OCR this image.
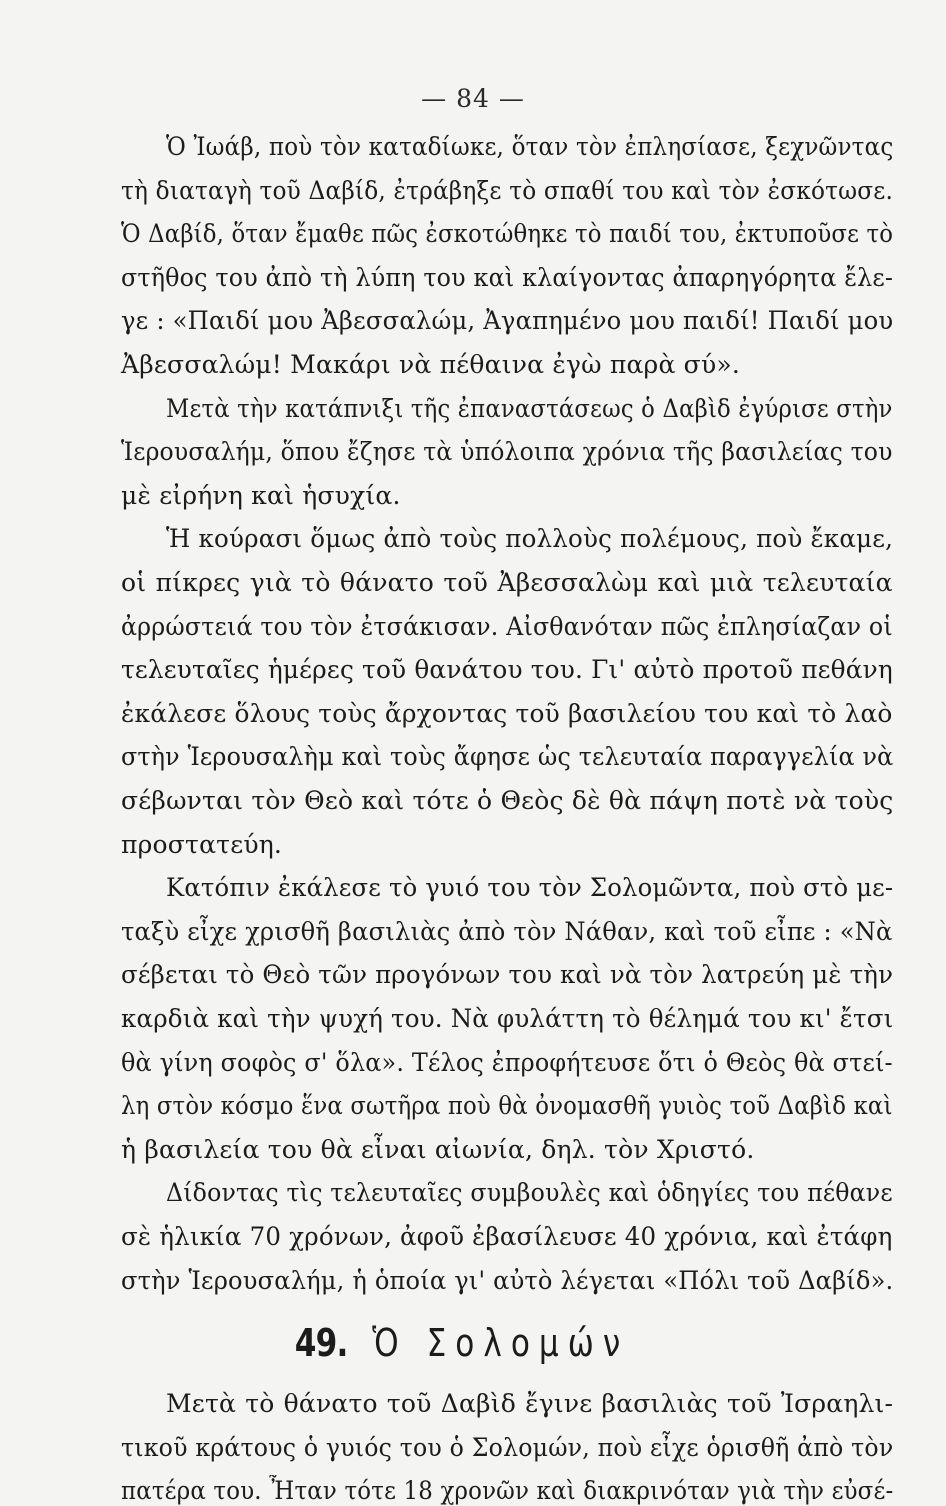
— 84 —
Ὁ Ἰωάβ, ποὺ τὸν καταδίωκε, ὅταν τὸν ἐπλησίασε, ξεχνῶντας
τὴ διαταγὴ τοῦ Δαβίδ, ἐτράβηξε τὸ σπαθί του καὶ τὸν ἐσκότωσε.
Ὁ Δαβίδ, ὅταν ἔμαθε πῶς ἐσκοτώθηκε τὸ παιδί του, ἐκτυποῦσε τὸ
στῆθος του ἀπὸ τὴ λύπη του καὶ κλαίγοντας ἀπαρηγόρητα ἔλε-
γε : «Παιδί μου Ἀβεσσαλώμ, Ἀγαπημένο μου παιδί! Παιδί μου
Ἀβεσσαλώμ! Μακάρι νὰ πέθαινα ἐγὼ παρὰ σύ».
Μετὰ τὴν κατάπνιξι τῆς ἐπαναστάσεως ὁ Δαβὶδ ἐγύρισε στὴν
Ἱερουσαλήμ, ὅπου ἔζησε τὰ ὑπόλοιπα χρόνια τῆς βασιλείας του
μὲ εἰρήνη καὶ ἡσυχία.
Ἡ κούρασι ὅμως ἀπὸ τοὺς πολλοὺς πολέμους, ποὺ ἔκαμε,
οἱ πίκρες γιὰ τὸ θάνατο τοῦ Ἀβεσσαλὼμ καὶ μιὰ τελευταία
ἀρρώστειά του τὸν ἐτσάκισαν. Αἰσθανόταν πῶς ἐπλησίαζαν οἱ
τελευταῖες ἡμέρες τοῦ θανάτου του. Γι' αὐτὸ προτοῦ πεθάνη
ἐκάλεσε ὅλους τοὺς ἄρχοντας τοῦ βασιλείου του καὶ τὸ λαὸ
στὴν Ἱερουσαλὴμ καὶ τοὺς ἄφησε ὡς τελευταία παραγγελία νὰ
σέβωνται τὸν Θεὸ καὶ τότε ὁ Θεὸς δὲ θὰ πάψη ποτὲ νὰ τοὺς
προστατεύη.
Κατόπιν ἐκάλεσε τὸ γυιό του τὸν Σολομῶντα, ποὺ στὸ με-
ταξὺ εἶχε χρισθῆ βασιλιὰς ἀπὸ τὸν Νάθαν, καὶ τοῦ εἶπε : «Νὰ
σέβεται τὸ Θεὸ τῶν προγόνων του καὶ νὰ τὸν λατρεύη μὲ τὴν
καρδιὰ καὶ τὴν ψυχή του. Νὰ φυλάττη τὸ θέλημά του κι' ἔτσι
θὰ γίνη σοφὸς σ' ὅλα». Τέλος ἐπροφήτευσε ὅτι ὁ Θεὸς θὰ στεί-
λη στὸν κόσμο ἕνα σωτῆρα ποὺ θὰ ὀνομασθῆ γυιὸς τοῦ Δαβὶδ καὶ
ἡ βασιλεία του θὰ εἶναι αἰωνία, δηλ. τὸν Χριστό.
Δίδοντας τὶς τελευταῖες συμβουλὲς καὶ ὁδηγίες του πέθανε
σὲ ἡλικία 70 χρόνων, ἀφοῦ ἐβασίλευσε 40 χρόνια, καὶ ἐτάφη
στὴν Ἱερουσαλήμ, ἡ ὁποία γι' αὐτὸ λέγεται «Πόλι τοῦ Δαβίδ».
49. Ὁ Σολομών
Μετὰ τὸ θάνατο τοῦ Δαβὶδ ἔγινε βασιλιὰς τοῦ Ἰσραηλι-
τικοῦ κράτους ὁ γυιός του ὁ Σολομών, ποὺ εἶχε ὁρισθῆ ἀπὸ τὸν
πατέρα του. Ἦταν τότε 18 χρονῶν καὶ διακρινόταν γιὰ τὴν εὐσέ-
